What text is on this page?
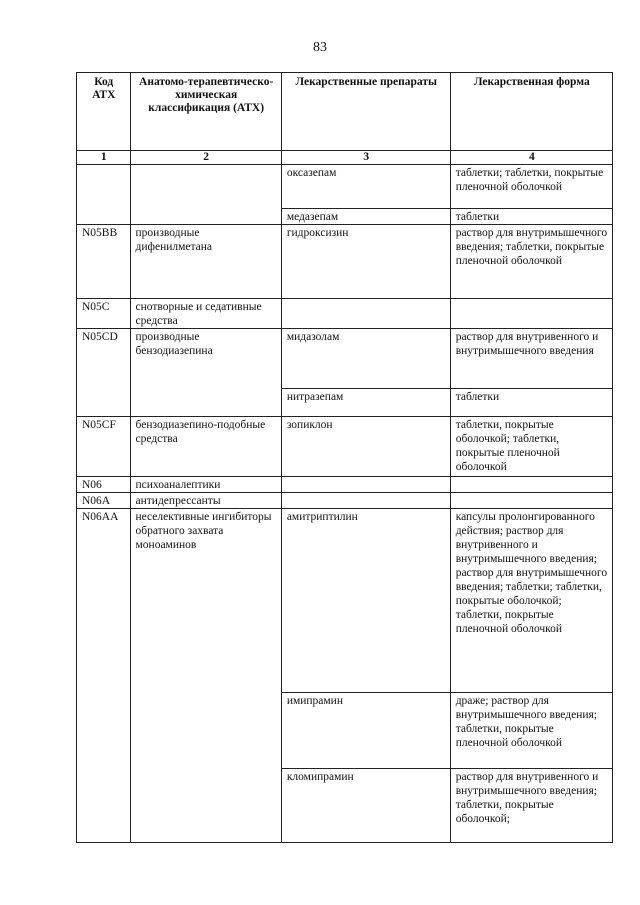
83
Код АТХ	Анатомо-терапевтическо-химическая классификация (АТХ)	Лекарственные препараты	Лекарственная форма
1	2	3	4
		оксазепам	таблетки; таблетки, покрытые пленочной оболочкой
		медазепам	таблетки
N05BB	производные дифенилметана	гидроксизин	раствор для внутримышечного введения; таблетки, покрытые пленочной оболочкой
N05C	снотворные и седативные средства		
N05CD	производные бензодиазепина	мидазолам	раствор для внутривенного и внутримышечного введения
		нитразепам	таблетки
N05CF	бензодиазепино-подобные средства	зопиклон	таблетки, покрытые оболочкой; таблетки, покрытые пленочной оболочкой
N06	психоаналептики		
N06A	антидепрессанты		
N06AA	неселективные ингибиторы обратного захвата моноаминов	амитриптилин	капсулы пролонгированного действия; раствор для внутривенного и внутримышечного введения; раствор для внутримышечного введения; таблетки; таблетки, покрытые оболочкой; таблетки, покрытые пленочной оболочкой
		имипрамин	драже; раствор для внутримышечного введения; таблетки, покрытые пленочной оболочкой
		кломипрамин	раствор для внутривенного и внутримышечного введения; таблетки, покрытые оболочкой;
